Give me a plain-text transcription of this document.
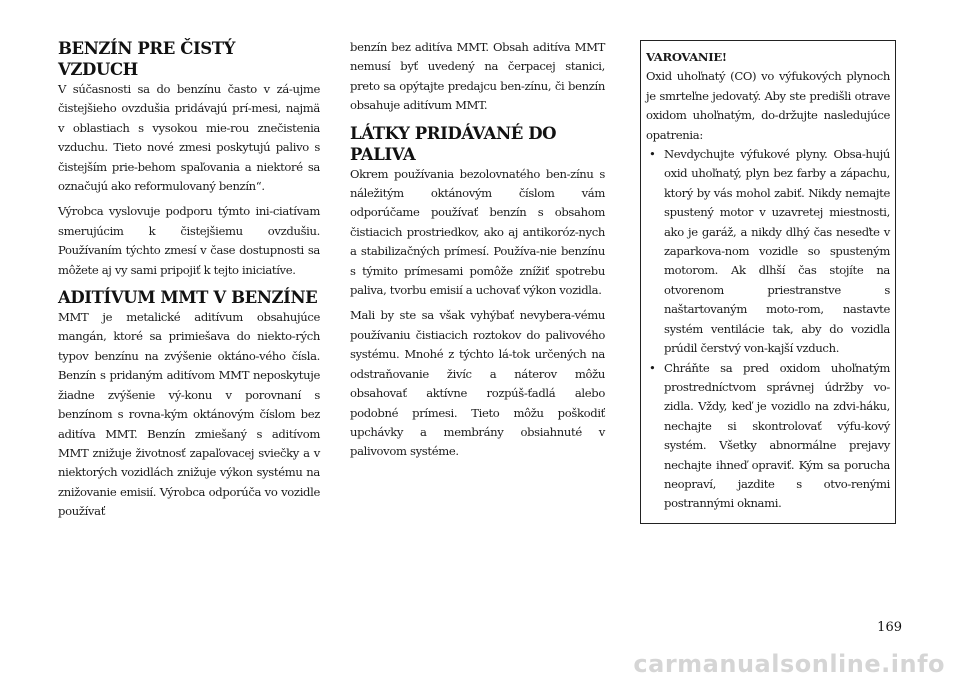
BENZÍN PRE ČISTÝ VZDUCH

V súčasnosti sa do benzínu často v zá-ujme čistejšieho ovzdušia pridávajú prí-mesi, najmä v oblastiach s vysokou mie-rou znečistenia vzduchu. Tieto nové zmesi poskytujú palivo s čistejším prie-behom spaľovania a niektoré sa označujú ako reformulovaný benzín“.

Výrobca vyslovuje podporu týmto ini-ciatívam smerujúcim k čistejšiemu ovzdušiu. Používaním týchto zmesí v čase dostupnosti sa môžete aj vy sami pripojiť k tejto iniciatíve.

ADITÍVUM MMT V BENZÍNE

MMT je metalické aditívum obsahujúce mangán, ktoré sa primiešava do niekto-rých typov benzínu na zvýšenie oktáno-vého čísla. Benzín s pridaným aditívom MMT neposkytuje žiadne zvýšenie vý-konu v porovnaní s benzínom s rovna-kým oktánovým číslom bez aditíva MMT. Benzín zmiešaný s aditívom MMT znižuje životnosť zapaľovacej sviečky a v niektorých vozidlách znižuje výkon systému na znižovanie emisií. Výrobca odporúča vo vozidle používať

benzín bez aditíva MMT. Obsah aditíva MMT nemusí byť uvedený na čerpacej stanici, preto sa opýtajte predajcu ben-zínu, či benzín obsahuje aditívum MMT.

LÁTKY PRIDÁVANÉ DO PALIVA

Okrem používania bezolovnatého ben-zínu s náležitým oktánovým číslom vám odporúčame používať benzín s obsahom čistiacich prostriedkov, ako aj antikoróz-nych a stabilizačných prímesí. Používa-nie benzínu s týmito prímesami pomôže znížiť spotrebu paliva, tvorbu emisií a uchovať výkon vozidla.

Mali by ste sa však vyhýbať nevybera-vému používaniu čistiacich roztokov do palivového systému. Mnohé z týchto lá-tok určených na odstraňovanie živíc a náterov môžu obsahovať aktívne rozpúš-ťadlá alebo podobné prímesi. Tieto môžu poškodiť upchávky a membrány obsiahnuté v palivovom systéme.

VAROVANIE!
Oxid uhoľnatý (CO) vo výfukových plynoch je smrteľne jedovatý. Aby ste predišli otrave oxidom uhoľnatým, do-držujte nasledujúce opatrenia:
• Nevdychujte výfukové plyny. Obsa-hujú oxid uhoľnatý, plyn bez farby a zápachu, ktorý by vás mohol zabiť. Nikdy nemajte spustený motor v uzavretej miestnosti, ako je garáž, a nikdy dlhý čas neseďte v zaparkova-nom vozidle so spusteným motorom. Ak dlhší čas stojíte na otvorenom priestranstve s naštartovaným moto-rom, nastavte systém ventilácie tak, aby do vozidla prúdil čerstvý von-kajší vzduch.
• Chráňte sa pred oxidom uhoľnatým prostredníctvom správnej údržby vo-zidla. Vždy, keď je vozidlo na zdvi-háku, nechajte si skontrolovať výfu-kový systém. Všetky abnormálne prejavy nechajte ihneď opraviť. Kým sa porucha neopraví, jazdite s otvo-renými postrannými oknami.
169
carmanualsonline.info
